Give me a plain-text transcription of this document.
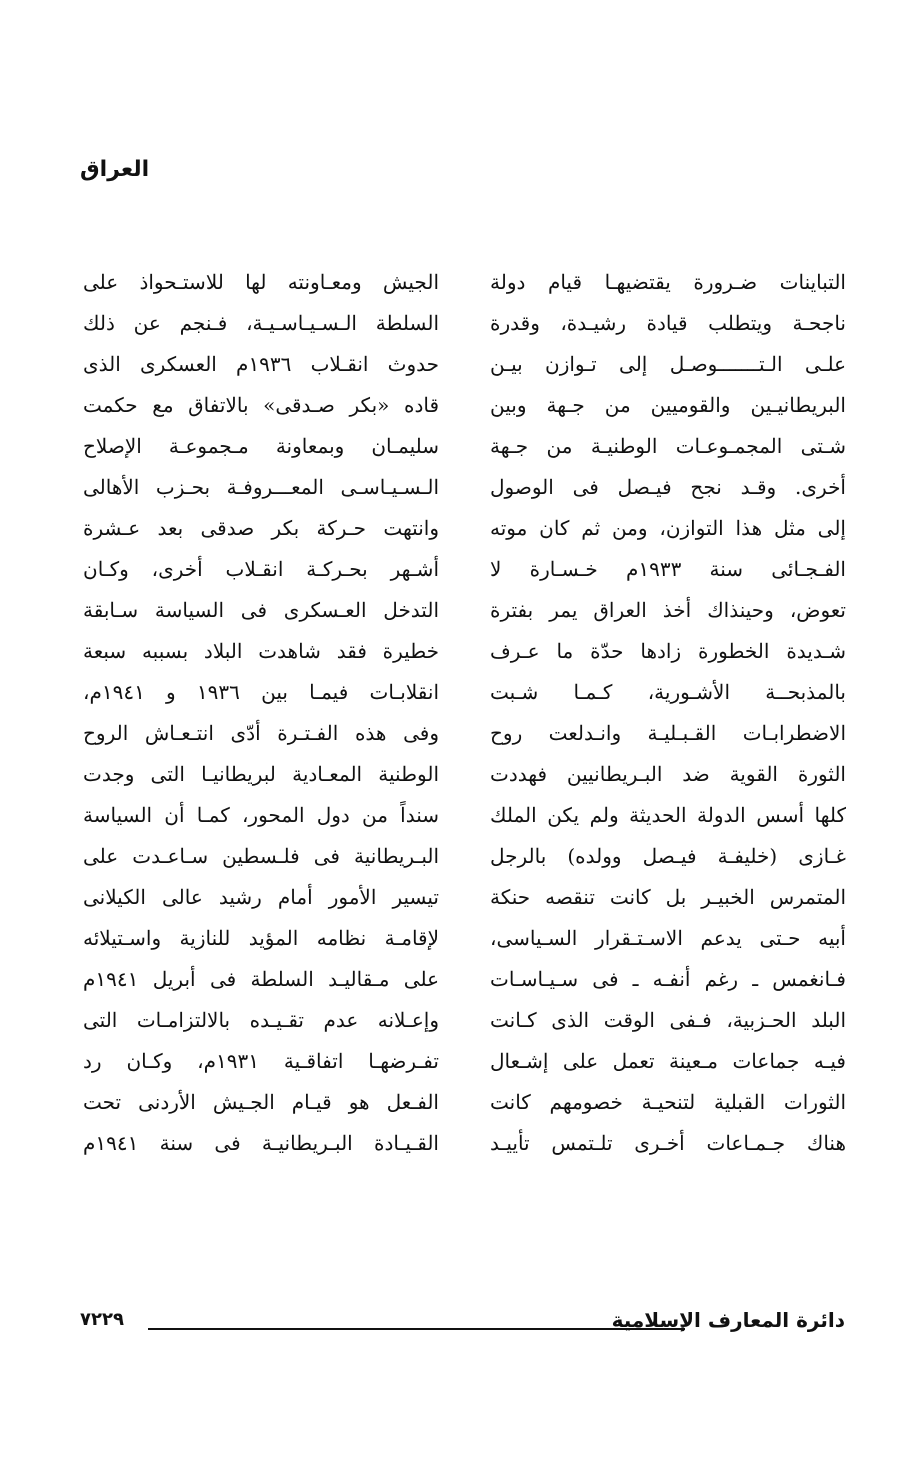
العراق
التباينات ضـرورة يقتضيهـا قيام دولة
ناجحـة ويتطلب قيادة رشيـدة، وقدرة
علـى الـتـــــــوصـل إلى تـوازن بيـن
البريطانيـين والقوميين من جـهة وبين
شـتى المجمـوعـات الوطنيـة من جـهة
أخرى. وقـد نجح فيـصل فى الوصول
إلى مثل هذا التوازن، ومن ثم كان موته
الفـجـائى سنة ١٩٣٣م خـسـارة لا
تعوض، وحينذاك أخذ العراق يمر بفترة
شـديدة الخطورة زادها حدّة ما عـرف
بالمذبحــة الأشـورية، كـمـا شـبت
الاضطرابـات القـبـليـة وانـدلعت روح
الثورة القوية ضد البـريطانيين فهددت
كلها أسس الدولة الحديثة ولم يكن الملك
غـازى (خليفـة فيـصل وولده) بالرجل
المتمرس الخبيـر بل كانت تنقصه حنكة
أبيه حـتى يدعم الاسـتـقرار السـياسى،
فـانغمس ـ رغم أنفـه ـ فى سـيـاسـات
البلد الحـزبية، فـفى الوقت الذى كـانت
فيـه جماعات مـعينة تعمل على إشـعال
الثورات القبلية لتنحيـة خصومهم كانت
هناك جـمـاعات أخـرى تلـتمس تأييـد
الجيش ومعـاونته لها للاستـحواذ على
السلطة الـسـيـاسـيـة، فـنجم عن ذلك
حدوث انقـلاب ١٩٣٦م العسكرى الذى
قاده «بكر صـدقى» بالاتفاق مع حكمت
سليمـان وبمعاونة مـجموعـة الإصلاح
الـسـيـاسـى المعـــروفـة بحـزب الأهالى
وانتهت حـركة بكر صدقى بعد عـشرة
أشـهر بحـركـة انقـلاب أخرى، وكـان
التدخل العـسكرى فى السياسة سـابقة
خطيرة فقد شاهدت البلاد بسببه سبعة
انقلابـات فيمـا بين ١٩٣٦ و ١٩٤١م،
وفى هذه الفـتـرة أدّى انتـعـاش الروح
الوطنية المعـادية لبريطانيـا التى وجدت
سنداً من دول المحور، كمـا أن السياسة
البـريطانية فى فلـسطين سـاعـدت على
تيسير الأمور أمام رشيد عالى الكيلانى
لإقامـة نظامه المؤيد للنازية واسـتيلائه
على مـقاليـد السلطة فى أبريل ١٩٤١م
وإعـلانه عدم تقـيـده بالالتزامـات التى
تفـرضهـا اتفاقـية ١٩٣١م، وكـان رد
الفـعل هو قيـام الجـيش الأردنى تحت
القـيـادة البـريطانيـة فى سنة ١٩٤١م
دائرة المعارف الإسلامية
٧٢٢٩
